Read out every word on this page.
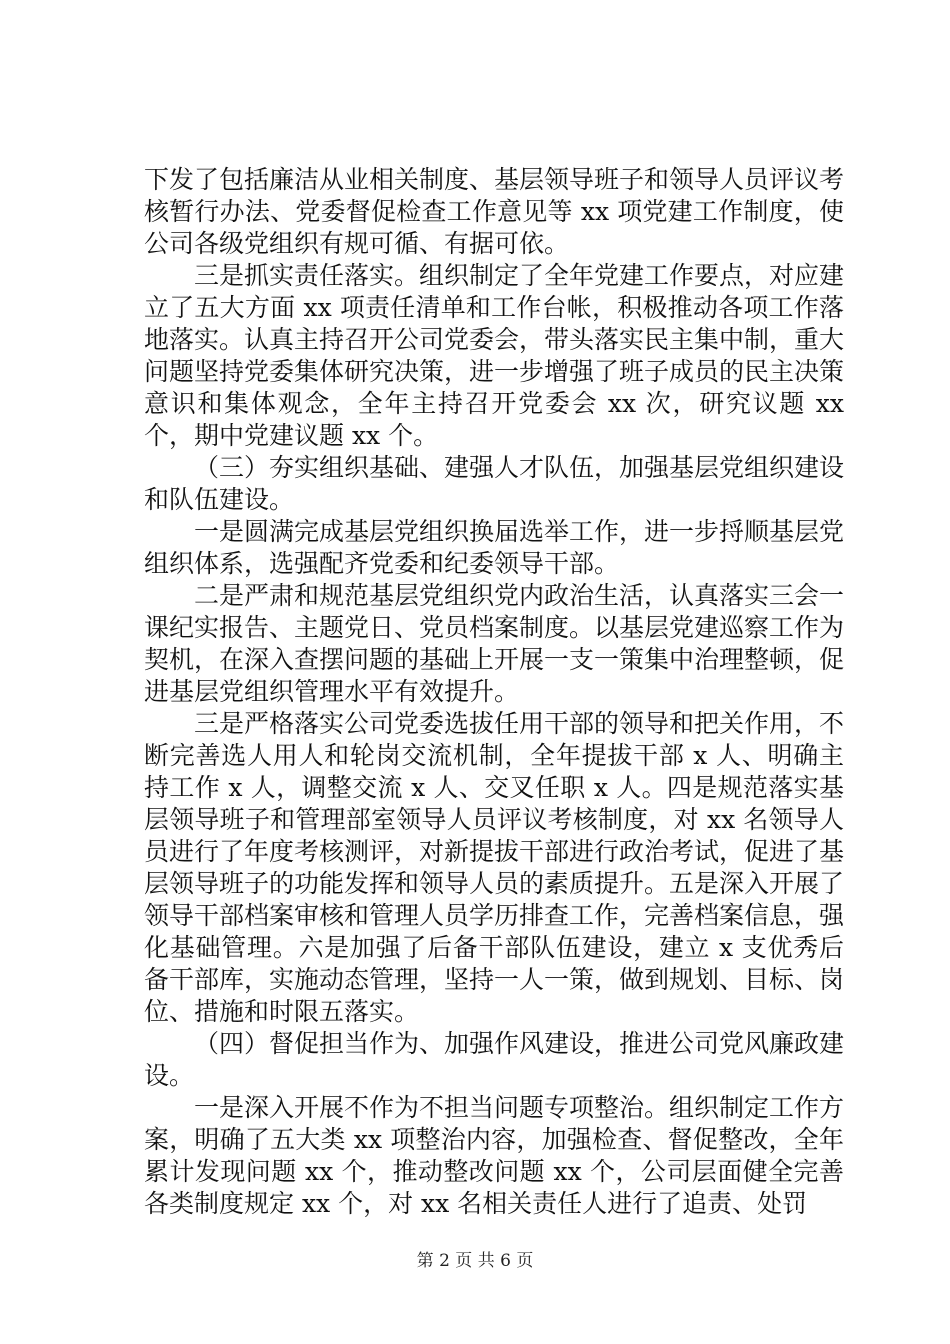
下发了包括廉洁从业相关制度、基层领导班子和领导人员评议考核暂行办法、党委督促检查工作意见等 xx 项党建工作制度，使公司各级党组织有规可循、有据可依。

三是抓实责任落实。组织制定了全年党建工作要点，对应建立了五大方面 xx 项责任清单和工作台帐，积极推动各项工作落地落实。认真主持召开公司党委会，带头落实民主集中制，重大问题坚持党委集体研究决策，进一步增强了班子成员的民主决策意识和集体观念，全年主持召开党委会 xx 次，研究议题 xx 个，期中党建议题 xx 个。

（三）夯实组织基础、建强人才队伍，加强基层党组织建设和队伍建设。

一是圆满完成基层党组织换届选举工作，进一步捋顺基层党组织体系，选强配齐党委和纪委领导干部。

二是严肃和规范基层党组织党内政治生活，认真落实三会一课纪实报告、主题党日、党员档案制度。以基层党建巡察工作为契机，在深入查摆问题的基础上开展一支一策集中治理整顿，促进基层党组织管理水平有效提升。

三是严格落实公司党委选拔任用干部的领导和把关作用，不断完善选人用人和轮岗交流机制，全年提拔干部 x 人、明确主持工作 x 人，调整交流 x 人、交叉任职 x 人。四是规范落实基层领导班子和管理部室领导人员评议考核制度，对 xx 名领导人员进行了年度考核测评，对新提拔干部进行政治考试，促进了基层领导班子的功能发挥和领导人员的素质提升。五是深入开展了领导干部档案审核和管理人员学历排查工作，完善档案信息，强化基础管理。六是加强了后备干部队伍建设，建立 x 支优秀后备干部库，实施动态管理，坚持一人一策，做到规划、目标、岗位、措施和时限五落实。

（四）督促担当作为、加强作风建设，推进公司党风廉政建设。

一是深入开展不作为不担当问题专项整治。组织制定工作方案，明确了五大类 xx 项整治内容，加强检查、督促整改，全年累计发现问题 xx 个，推动整改问题 xx 个，公司层面健全完善各类制度规定 xx 个，对 xx 名相关责任人进行了追责、处罚

第 2 页 共 6 页
